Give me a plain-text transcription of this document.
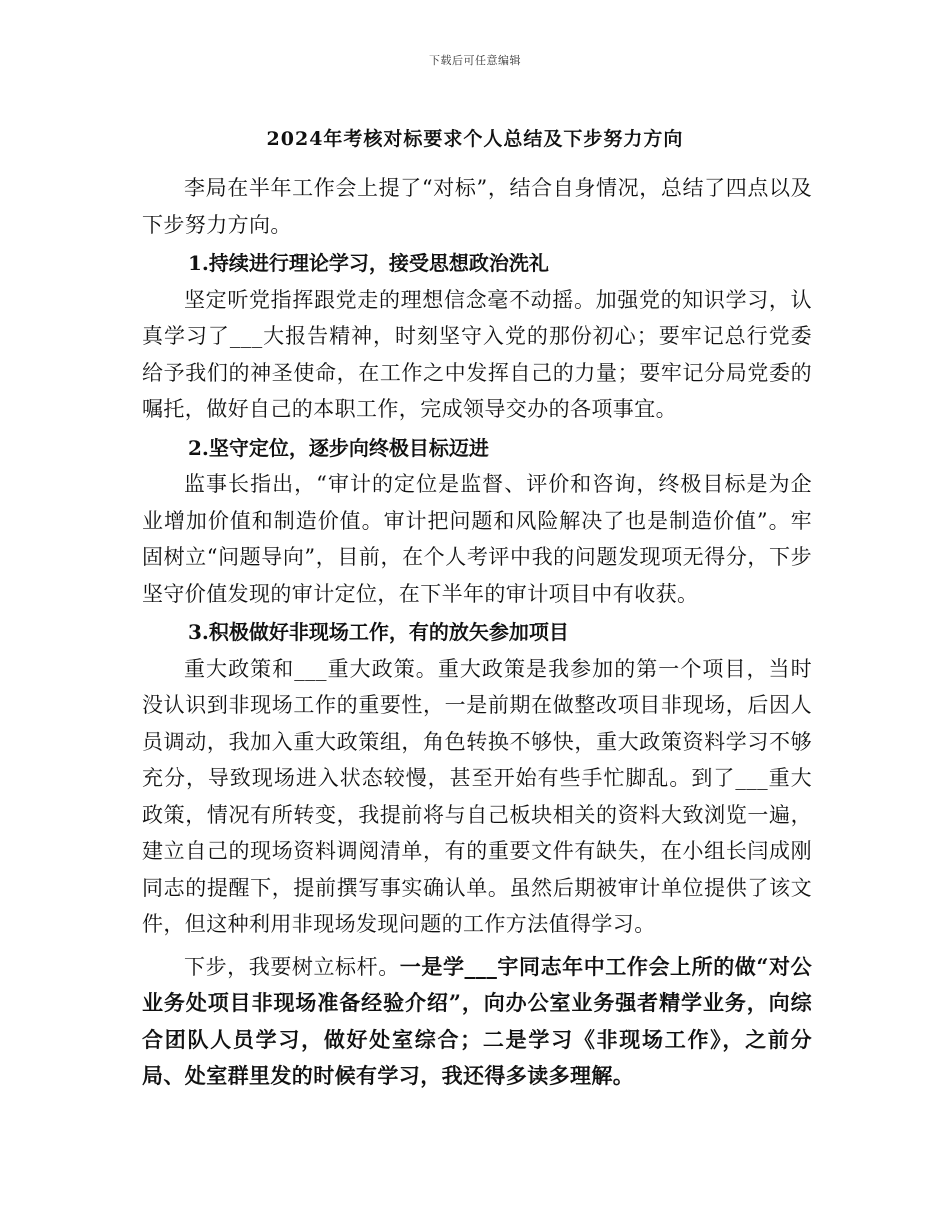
下载后可任意编辑
2024年考核对标要求个人总结及下步努力方向

李局在半年工作会上提了“对标”，结合自身情况，总结了四点以及下步努力方向。

1.持续进行理论学习，接受思想政治洗礼

坚定听党指挥跟党走的理想信念毫不动摇。加强党的知识学习，认真学习了___大报告精神，时刻坚守入党的那份初心；要牢记总行党委给予我们的神圣使命，在工作之中发挥自己的力量；要牢记分局党委的嘱托，做好自己的本职工作，完成领导交办的各项事宜。

2.坚守定位，逐步向终极目标迈进

监事长指出，“审计的定位是监督、评价和咨询，终极目标是为企业增加价值和制造价值。审计把问题和风险解决了也是制造价值”。牢固树立“问题导向”，目前，在个人考评中我的问题发现项无得分，下步坚守价值发现的审计定位，在下半年的审计项目中有收获。

3.积极做好非现场工作，有的放矢参加项目

重大政策和___重大政策。重大政策是我参加的第一个项目，当时没认识到非现场工作的重要性，一是前期在做整改项目非现场，后因人员调动，我加入重大政策组，角色转换不够快，重大政策资料学习不够充分，导致现场进入状态较慢，甚至开始有些手忙脚乱。到了___重大政策，情况有所转变，我提前将与自己板块相关的资料大致浏览一遍，建立自己的现场资料调阅清单，有的重要文件有缺失，在小组长闫成刚同志的提醒下，提前撰写事实确认单。虽然后期被审计单位提供了该文件，但这种利用非现场发现问题的工作方法值得学习。

下步，我要树立标杆。一是学___宇同志年中工作会上所的做“对公业务处项目非现场准备经验介绍”，向办公室业务强者精学业务，向综合团队人员学习，做好处室综合；二是学习《非现场工作》，之前分局、处室群里发的时候有学习，我还得多读多理解。
